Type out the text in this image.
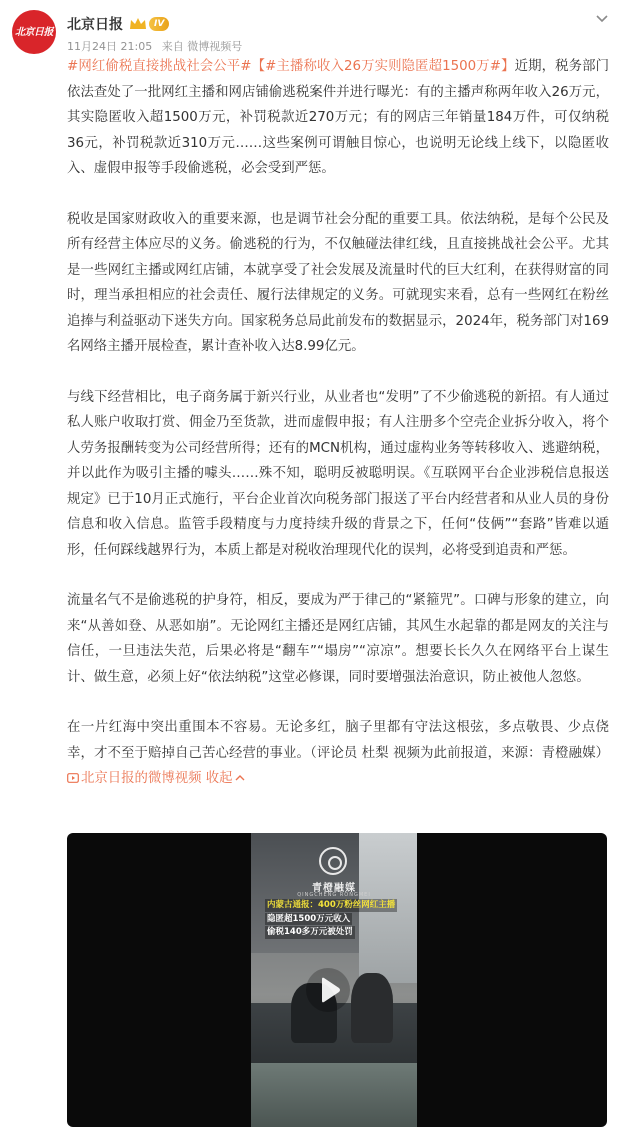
北京日报 北京日报	IV
11月24日 21:05 来自 微博视频号

#网红偷税直接挑战社会公平#【#主播称收入26万实则隐匿超1500万#】近期，税务部门依法查处了一批网红主播和网店铺偷逃税案件并进行曝光：有的主播声称两年收入26万元，其实隐匿收入超1500万元，补罚税款近270万元；有的网店三年销量184万件，可仅纳税36元，补罚税款近310万元……这些案例可谓触目惊心，也说明无论线上线下，以隐匿收入、虚假申报等手段偷逃税，必会受到严惩。

税收是国家财政收入的重要来源，也是调节社会分配的重要工具。依法纳税，是每个公民及所有经营主体应尽的义务。偷逃税的行为，不仅触碰法律红线，且直接挑战社会公平。尤其是一些网红主播或网红店铺，本就享受了社会发展及流量时代的巨大红利，在获得财富的同时，理当承担相应的社会责任、履行法律规定的义务。可就现实来看，总有一些网红在粉丝追捧与利益驱动下迷失方向。国家税务总局此前发布的数据显示，2024年，税务部门对169名网络主播开展检查，累计查补收入达8.99亿元。

与线下经营相比，电子商务属于新兴行业，从业者也“发明”了不少偷逃税的新招。有人通过私人账户收取打赏、佣金乃至货款，进而虚假申报；有人注册多个空壳企业拆分收入，将个人劳务报酬转变为公司经营所得；还有的MCN机构，通过虚构业务等转移收入、逃避纳税，并以此作为吸引主播的噱头……殊不知，聪明反被聪明误。《互联网平台企业涉税信息报送规定》已于10月正式施行，平台企业首次向税务部门报送了平台内经营者和从业人员的身份信息和收入信息。监管手段精度与力度持续升级的背景之下，任何“伎俩”“套路”皆难以遁形，任何踩线越界行为，本质上都是对税收治理现代化的误判，必将受到追责和严惩。

流量名气不是偷逃税的护身符，相反，要成为严于律己的“紧箍咒”。口碑与形象的建立，向来“从善如登、从恶如崩”。无论网红主播还是网红店铺，其风生水起靠的都是网友的关注与信任，一旦违法失范，后果必将是“翻车”“塌房”“凉凉”。想要长长久久在网络平台上谋生计、做生意，必须上好“依法纳税”这堂必修课，同时要增强法治意识，防止被他人忽悠。

在一片红海中突出重围本不容易。无论多红，脑子里都有守法这根弦，多点敬畏、少点侥幸，才不至于赔掉自己苦心经营的事业。（评论员 杜梨 视频为此前报道，来源：青橙融媒）北京日报的微博视频 收起

青橙融媒
QINGCHENG RONGMEI
内蒙古通报：400万粉丝网红主播
隐匿超1500万元收入
偷税140多万元被处罚
